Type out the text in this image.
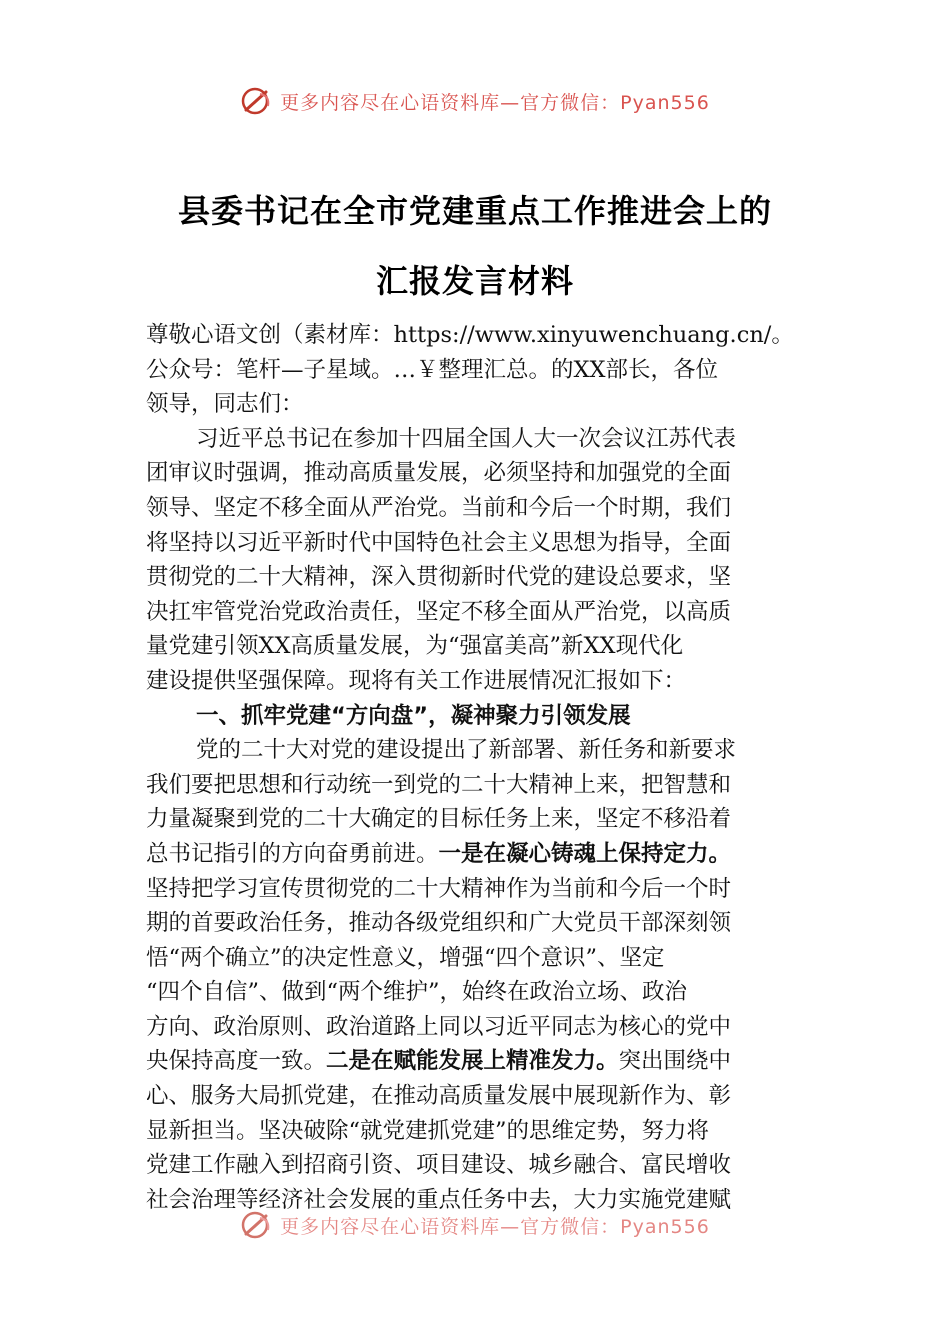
更多内容尽在心语资料库—官方微信：Pyan556
县委书记在全市党建重点工作推进会上的
汇报发言材料
尊敬心语文创（素材库：https://www.xinyuwenchuang.cn/。
公众号：笔杆—子星域。…￥整理汇总。的XX部长，各位
领导，同志们：
习近平总书记在参加十四届全国人大一次会议江苏代表
团审议时强调，推动高质量发展，必须坚持和加强党的全面
领导、坚定不移全面从严治党。当前和今后一个时期，我们
将坚持以习近平新时代中国特色社会主义思想为指导，全面
贯彻党的二十大精神，深入贯彻新时代党的建设总要求，坚
决扛牢管党治党政治责任，坚定不移全面从严治党，以高质
量党建引领XX高质量发展，为“强富美高”新XX现代化
建设提供坚强保障。现将有关工作进展情况汇报如下：
一、抓牢党建“方向盘”，凝神聚力引领发展
党的二十大对党的建设提出了新部署、新任务和新要求
我们要把思想和行动统一到党的二十大精神上来，把智慧和
力量凝聚到党的二十大确定的目标任务上来，坚定不移沿着
总书记指引的方向奋勇前进。 一是在凝心铸魂上保持定力。
坚持把学习宣传贯彻党的二十大精神作为当前和今后一个时
期的首要政治任务，推动各级党组织和广大党员干部深刻领
悟“两个确立”的决定性意义，增强“四个意识”、坚定
“四个自信”、做到“两个维护”，始终在政治立场、政治
方向、政治原则、政治道路上同以习近平同志为核心的党中
央保持高度一致。 二是在赋能发展上精准发力。 突出围绕中
心、服务大局抓党建，在推动高质量发展中展现新作为、彰
显新担当。坚决破除“就党建抓党建”的思维定势，努力将
党建工作融入到招商引资、项目建设、城乡融合、富民增收
社会治理等经济社会发展的重点任务中去，大力实施党建赋
更多内容尽在心语资料库—官方微信：Pyan556
